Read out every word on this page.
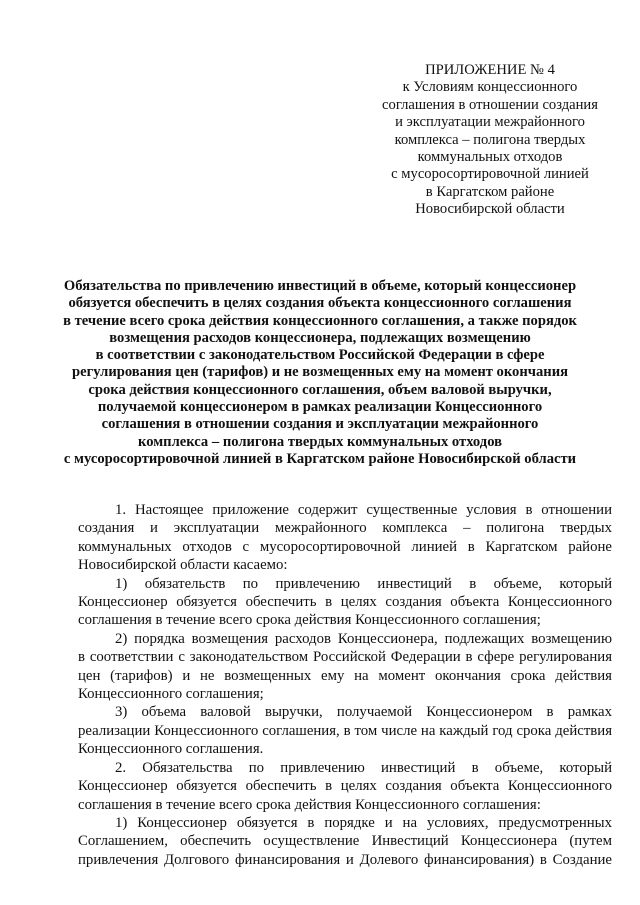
ПРИЛОЖЕНИЕ № 4
к Условиям концессионного
соглашения в отношении создания
и эксплуатации межрайонного
комплекса – полигона твердых
коммунальных отходов
с мусоросортировочной линией
в Каргатском районе
Новосибирской области
Обязательства по привлечению инвестиций в объеме, который концессионер
обязуется обеспечить в целях создания объекта концессионного соглашения
в течение всего срока действия концессионного соглашения, а также порядок
возмещения расходов концессионера, подлежащих возмещению
в соответствии с законодательством Российской Федерации в сфере
регулирования цен (тарифов) и не возмещенных ему на момент окончания
срока действия концессионного соглашения, объем валовой выручки,
получаемой концессионером в рамках реализации Концессионного
соглашения в отношении создания и эксплуатации межрайонного
комплекса – полигона твердых коммунальных отходов
с мусоросортировочной линией в Каргатском районе Новосибирской области
1. Настоящее приложение содержит существенные условия в отношении
создания и эксплуатации межрайонного комплекса – полигона твердых
коммунальных отходов с мусоросортировочной линией в Каргатском районе
Новосибирской области касаемо:
1) обязательств по привлечению инвестиций в объеме, который
Концессионер обязуется обеспечить в целях создания объекта Концессионного
соглашения в течение всего срока действия Концессионного соглашения;
2) порядка возмещения расходов Концессионера, подлежащих возмещению
в соответствии с законодательством Российской Федерации в сфере регулирования
цен (тарифов) и не возмещенных ему на момент окончания срока действия
Концессионного соглашения;
3) объема валовой выручки, получаемой Концессионером в рамках
реализации Концессионного соглашения, в том числе на каждый год срока действия
Концессионного соглашения.
2. Обязательства по привлечению инвестиций в объеме, который
Концессионер обязуется обеспечить в целях создания объекта Концессионного
соглашения в течение всего срока действия Концессионного соглашения:
1) Концессионер обязуется в порядке и на условиях, предусмотренных
Соглашением, обеспечить осуществление Инвестиций Концессионера (путем
привлечения Долгового финансирования и Долевого финансирования) в Создание
